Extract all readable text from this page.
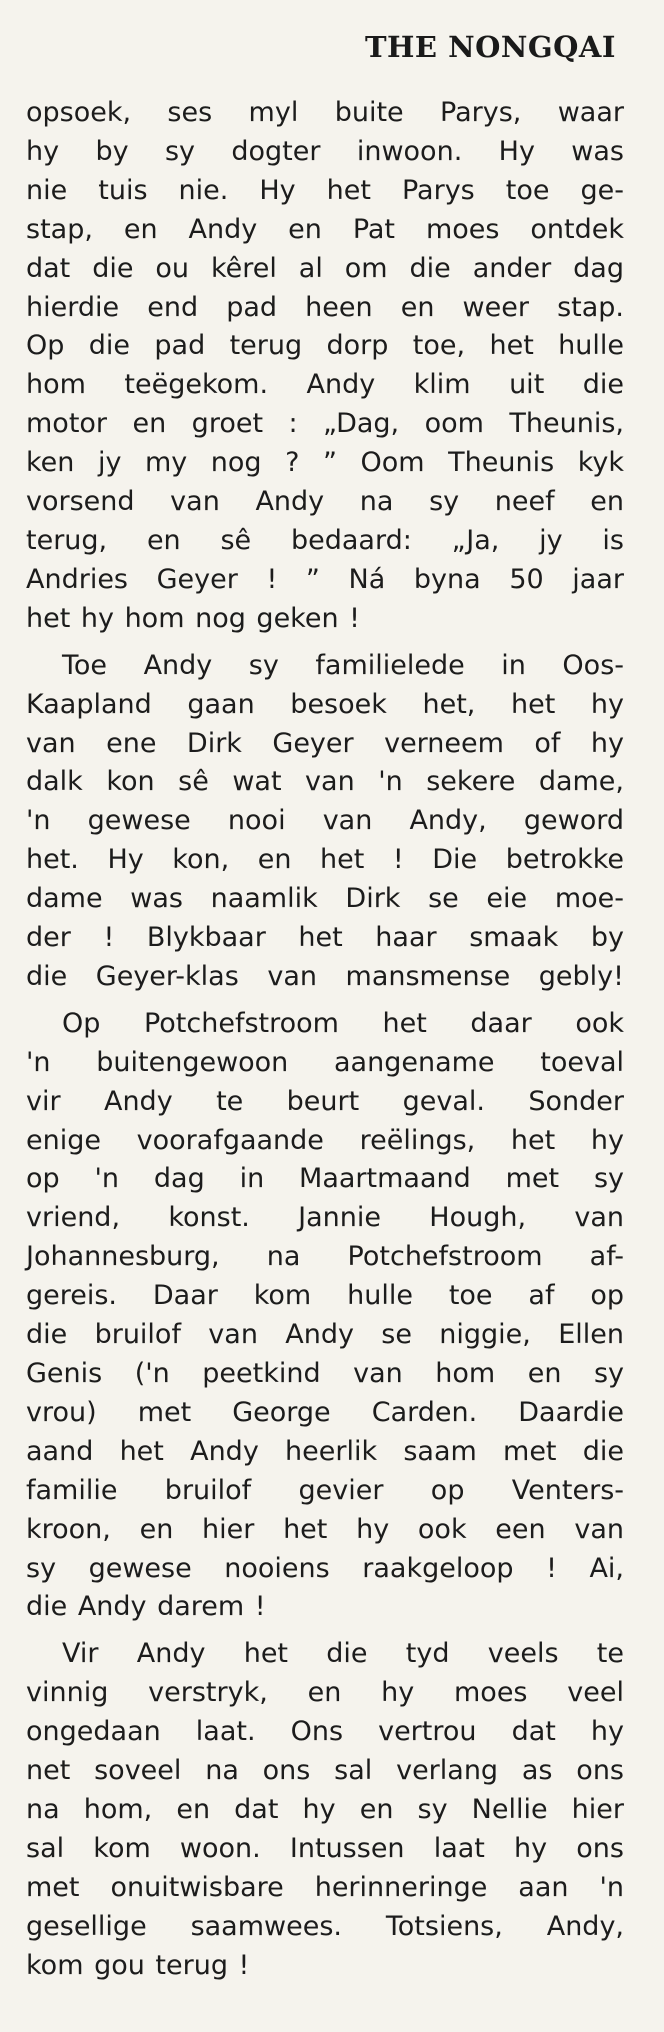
THE NONGQAI

opsoek, ses myl buite Parys, waar
hy by sy dogter inwoon. Hy was
nie tuis nie. Hy het Parys toe ge-
stap, en Andy en Pat moes ontdek
dat die ou kêrel al om die ander dag
hierdie end pad heen en weer stap.
Op die pad terug dorp toe, het hulle
hom teëgekom. Andy klim uit die
motor en groet : „Dag, oom Theunis,
ken jy my nog ? ” Oom Theunis kyk
vorsend van Andy na sy neef en
terug, en sê bedaard: „Ja, jy is
Andries Geyer ! ” Ná byna 50 jaar
het hy hom nog geken !

Toe Andy sy familielede in Oos-
Kaapland gaan besoek het, het hy
van ene Dirk Geyer verneem of hy
dalk kon sê wat van 'n sekere dame,
'n gewese nooi van Andy, geword
het. Hy kon, en het ! Die betrokke
dame was naamlik Dirk se eie moe-
der ! Blykbaar het haar smaak by
die Geyer-klas van mansmense gebly!

Op Potchefstroom het daar ook
'n buitengewoon aangename toeval
vir Andy te beurt geval. Sonder
enige voorafgaande reëlings, het hy
op 'n dag in Maartmaand met sy
vriend, konst. Jannie Hough, van
Johannesburg, na Potchefstroom af-
gereis. Daar kom hulle toe af op
die bruilof van Andy se niggie, Ellen
Genis ('n peetkind van hom en sy
vrou) met George Carden. Daardie
aand het Andy heerlik saam met die
familie bruilof gevier op Venters-
kroon, en hier het hy ook een van
sy gewese nooiens raakgeloop ! Ai,
die Andy darem !

Vir Andy het die tyd veels te
vinnig verstryk, en hy moes veel
ongedaan laat. Ons vertrou dat hy
net soveel na ons sal verlang as ons
na hom, en dat hy en sy Nellie hier
sal kom woon. Intussen laat hy ons
met onuitwisbare herinneringe aan 'n
gesellige saamwees. Totsiens, Andy,
kom gou terug !
